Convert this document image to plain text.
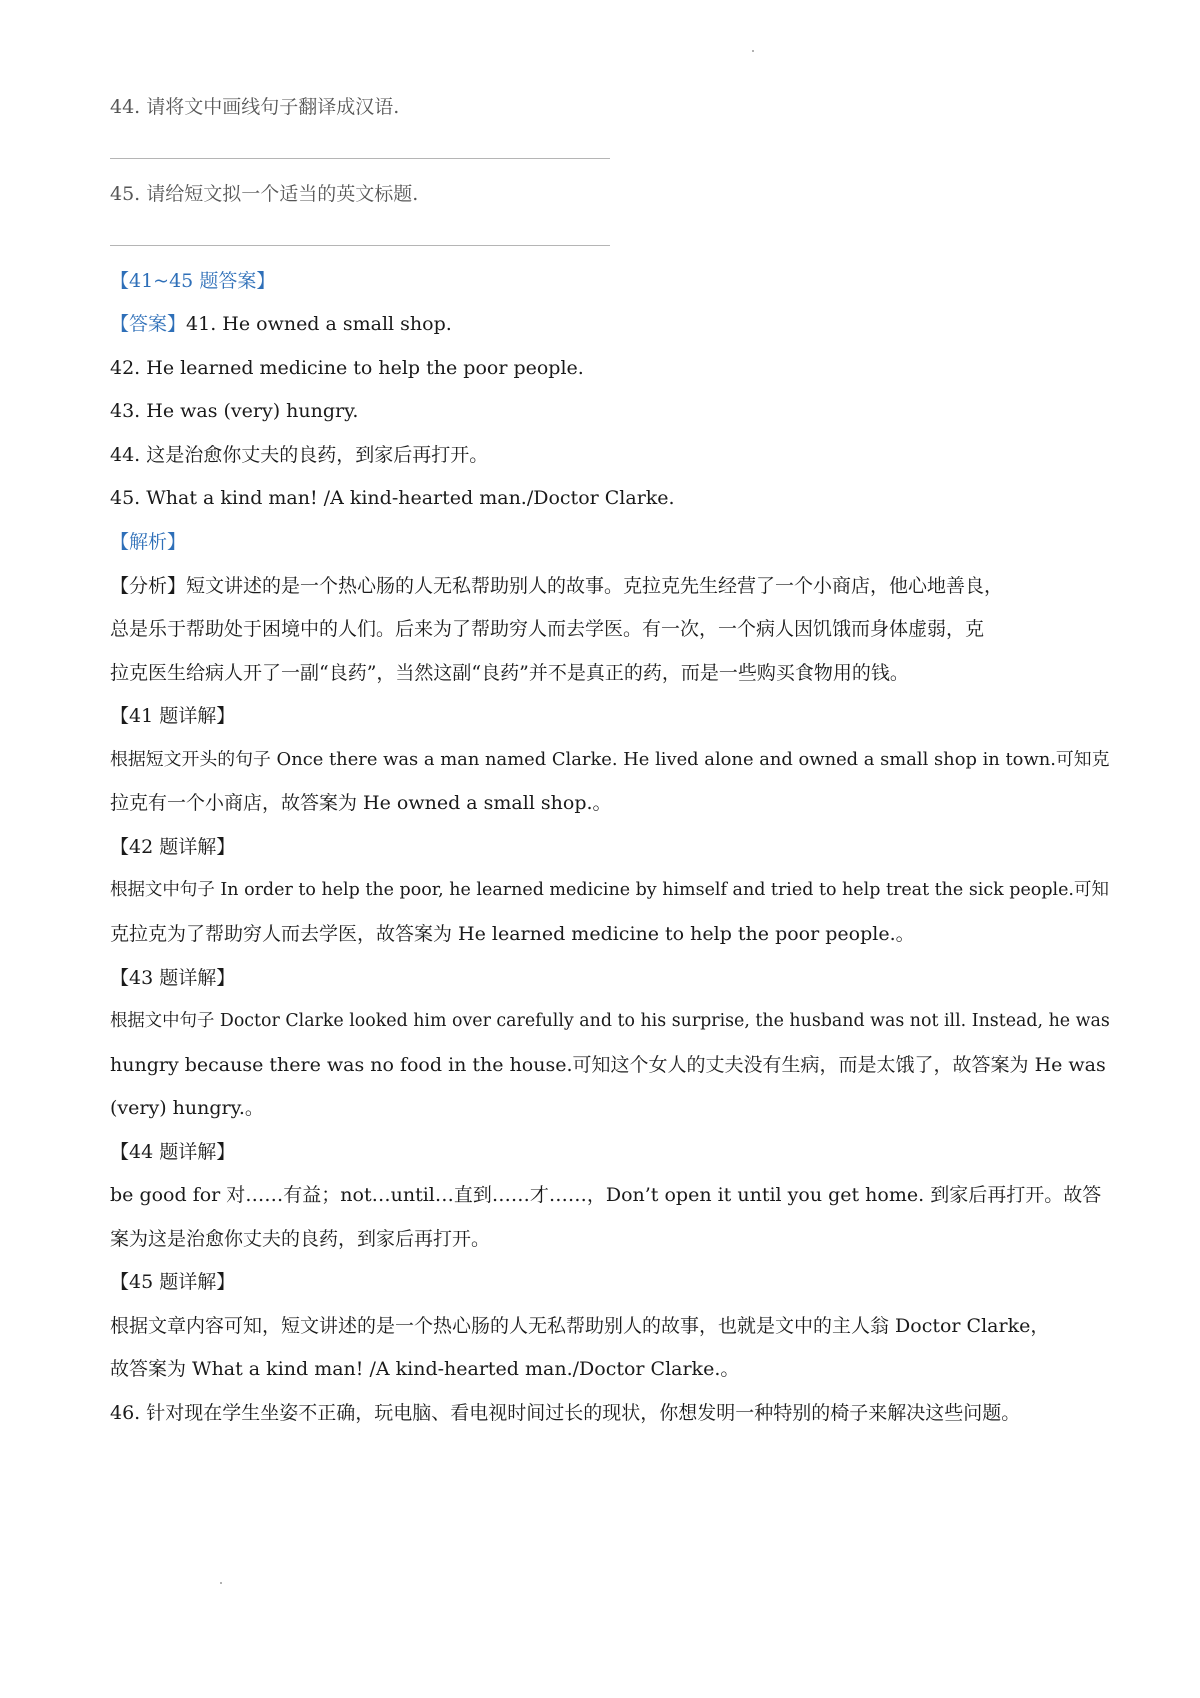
44. 请将文中画线句子翻译成汉语.
45. 请给短文拟一个适当的英文标题.
【41~45 题答案】
【答案】41. He owned a small shop.
42. He learned medicine to help the poor people.
43. He was (very) hungry.
44. 这是治愈你丈夫的良药，到家后再打开。
45. What a kind man! /A kind-hearted man./Doctor Clarke.
【解析】
【分析】短文讲述的是一个热心肠的人无私帮助别人的故事。克拉克先生经营了一个小商店，他心地善良，
总是乐于帮助处于困境中的人们。后来为了帮助穷人而去学医。有一次，一个病人因饥饿而身体虚弱，克
拉克医生给病人开了一副“良药”，当然这副“良药”并不是真正的药，而是一些购买食物用的钱。
【41 题详解】
根据短文开头的句子 Once there was a man named Clarke. He lived alone and owned a small shop in town.可知克
拉克有一个小商店，故答案为 He owned a small shop.。
【42 题详解】
根据文中句子 In order to help the poor, he learned medicine by himself and tried to help treat the sick people.可知
克拉克为了帮助穷人而去学医，故答案为 He learned medicine to help the poor people.。
【43 题详解】
根据文中句子 Doctor Clarke looked him over carefully and to his surprise, the husband was not ill. Instead, he was
hungry because there was no food in the house.可知这个女人的丈夫没有生病，而是太饿了，故答案为 He was
(very) hungry.。
【44 题详解】
be good for 对……有益；not…until…直到……才……，Don’t open it until you get home. 到家后再打开。故答
案为这是治愈你丈夫的良药，到家后再打开。
【45 题详解】
根据文章内容可知，短文讲述的是一个热心肠的人无私帮助别人的故事，也就是文中的主人翁 Doctor Clarke，
故答案为 What a kind man! /A kind-hearted man./Doctor Clarke.。
46. 针对现在学生坐姿不正确，玩电脑、看电视时间过长的现状，你想发明一种特别的椅子来解决这些问题。
